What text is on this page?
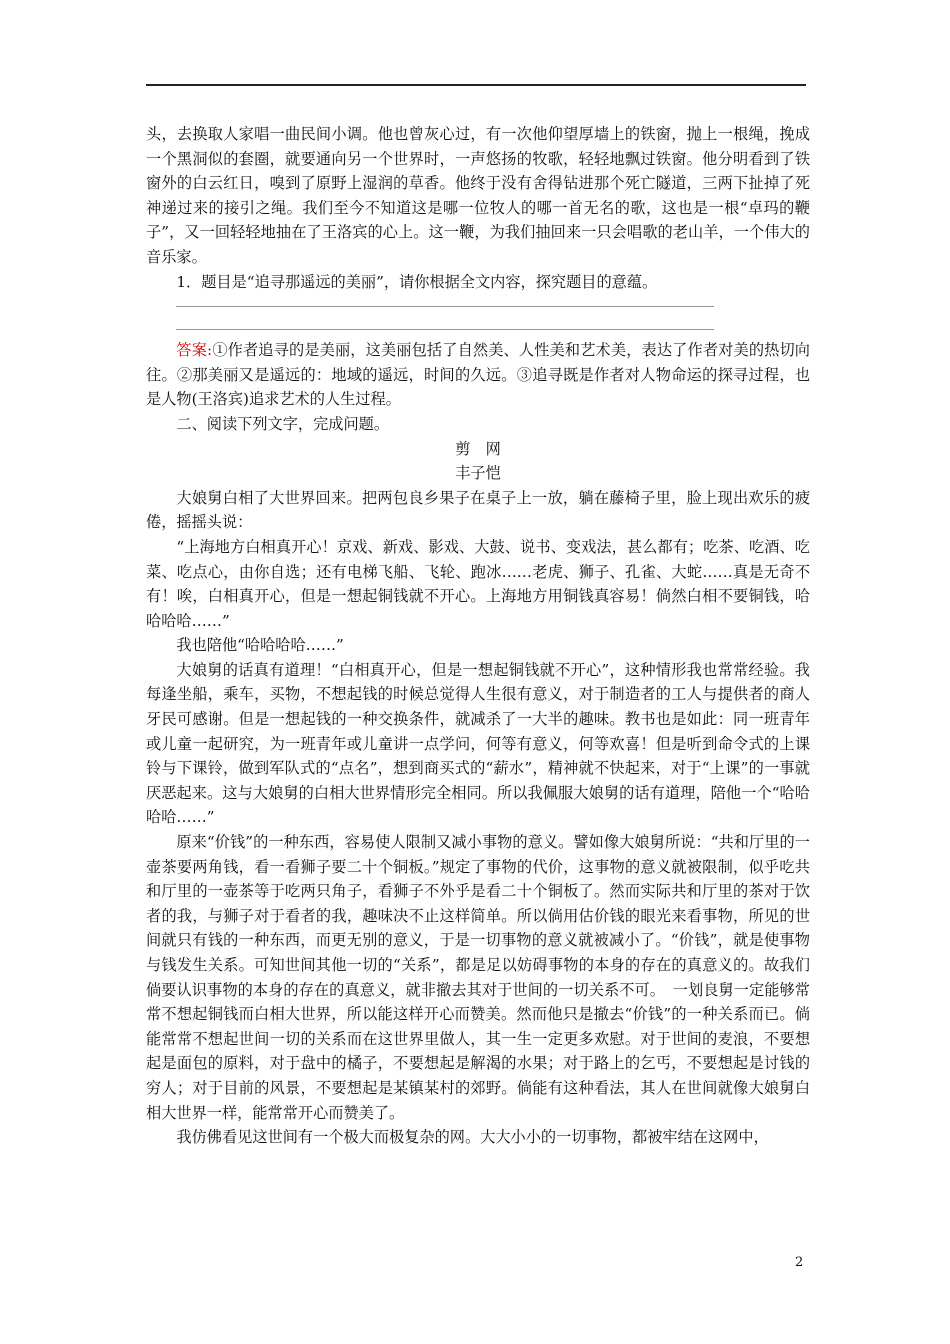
头，去换取人家唱一曲民间小调。他也曾灰心过，有一次他仰望厚墙上的铁窗，抛上一根绳，挽成一个黑洞似的套圈，就要通向另一个世界时，一声悠扬的牧歌，轻轻地飘过铁窗。他分明看到了铁窗外的白云红日，嗅到了原野上湿润的草香。他终于没有舍得钻进那个死亡隧道，三两下扯掉了死神递过来的接引之绳。我们至今不知道这是哪一位牧人的哪一首无名的歌，这也是一根“卓玛的鞭子”，又一回轻轻地抽在了王洛宾的心上。这一鞭，为我们抽回来一只会唱歌的老山羊，一个伟大的音乐家。

1．题目是“追寻那遥远的美丽”，请你根据全文内容，探究题目的意蕴。

答案:①作者追寻的是美丽，这美丽包括了自然美、人性美和艺术美，表达了作者对美的热切向往。②那美丽又是遥远的：地域的遥远，时间的久远。③追寻既是作者对人物命运的探寻过程，也是人物(王洛宾)追求艺术的人生过程。

二、阅读下列文字，完成问题。

剪　网

丰子恺

大娘舅白相了大世界回来。把两包良乡果子在桌子上一放，躺在藤椅子里，脸上现出欢乐的疲倦，摇摇头说：

“上海地方白相真开心！京戏、新戏、影戏、大鼓、说书、变戏法，甚么都有；吃茶、吃酒、吃菜、吃点心，由你自选；还有电梯飞船、飞轮、跑冰……老虎、狮子、孔雀、大蛇……真是无奇不有！唉，白相真开心，但是一想起铜钱就不开心。上海地方用铜钱真容易！倘然白相不要铜钱，哈哈哈哈……”

我也陪他“哈哈哈哈……”

大娘舅的话真有道理！“白相真开心，但是一想起铜钱就不开心”，这种情形我也常常经验。我每逢坐船，乘车，买物，不想起钱的时候总觉得人生很有意义，对于制造者的工人与提供者的商人牙民可感谢。但是一想起钱的一种交换条件，就减杀了一大半的趣味。教书也是如此：同一班青年或儿童一起研究，为一班青年或儿童讲一点学问，何等有意义，何等欢喜！但是听到命令式的上课铃与下课铃，做到军队式的“点名”，想到商买式的“薪水”，精神就不快起来，对于“上课”的一事就厌恶起来。这与大娘舅的白相大世界情形完全相同。所以我佩服大娘舅的话有道理，陪他一个“哈哈哈哈……”

原来“价钱”的一种东西，容易使人限制又减小事物的意义。譬如像大娘舅所说：“共和厅里的一壶茶要两角钱，看一看狮子要二十个铜板。”规定了事物的代价，这事物的意义就被限制，似乎吃共和厅里的一壶茶等于吃两只角子，看狮子不外乎是看二十个铜板了。然而实际共和厅里的茶对于饮者的我，与狮子对于看者的我，趣味决不止这样简单。所以倘用估价钱的眼光来看事物，所见的世间就只有钱的一种东西，而更无别的意义，于是一切事物的意义就被减小了。“价钱”，就是使事物与钱发生关系。可知世间其他一切的“关系”，都是足以妨碍事物的本身的存在的真意义的。故我们倘要认识事物的本身的存在的真意义，就非撤去其对于世间的一切关系不可。　一划良舅一定能够常常不想起铜钱而白相大世界，所以能这样开心而赞美。然而他只是撤去“价钱”的一种关系而已。倘能常常不想起世间一切的关系而在这世界里做人，其一生一定更多欢慰。对于世间的麦浪，不要想起是面包的原料，对于盘中的橘子，不要想起是解渴的水果；对于路上的乞丐，不要想起是讨钱的穷人；对于目前的风景，不要想起是某镇某村的郊野。倘能有这种看法，其人在世间就像大娘舅白相大世界一样，能常常开心而赞美了。

我仿佛看见这世间有一个极大而极复杂的网。大大小小的一切事物，都被牢结在这网中，

2
